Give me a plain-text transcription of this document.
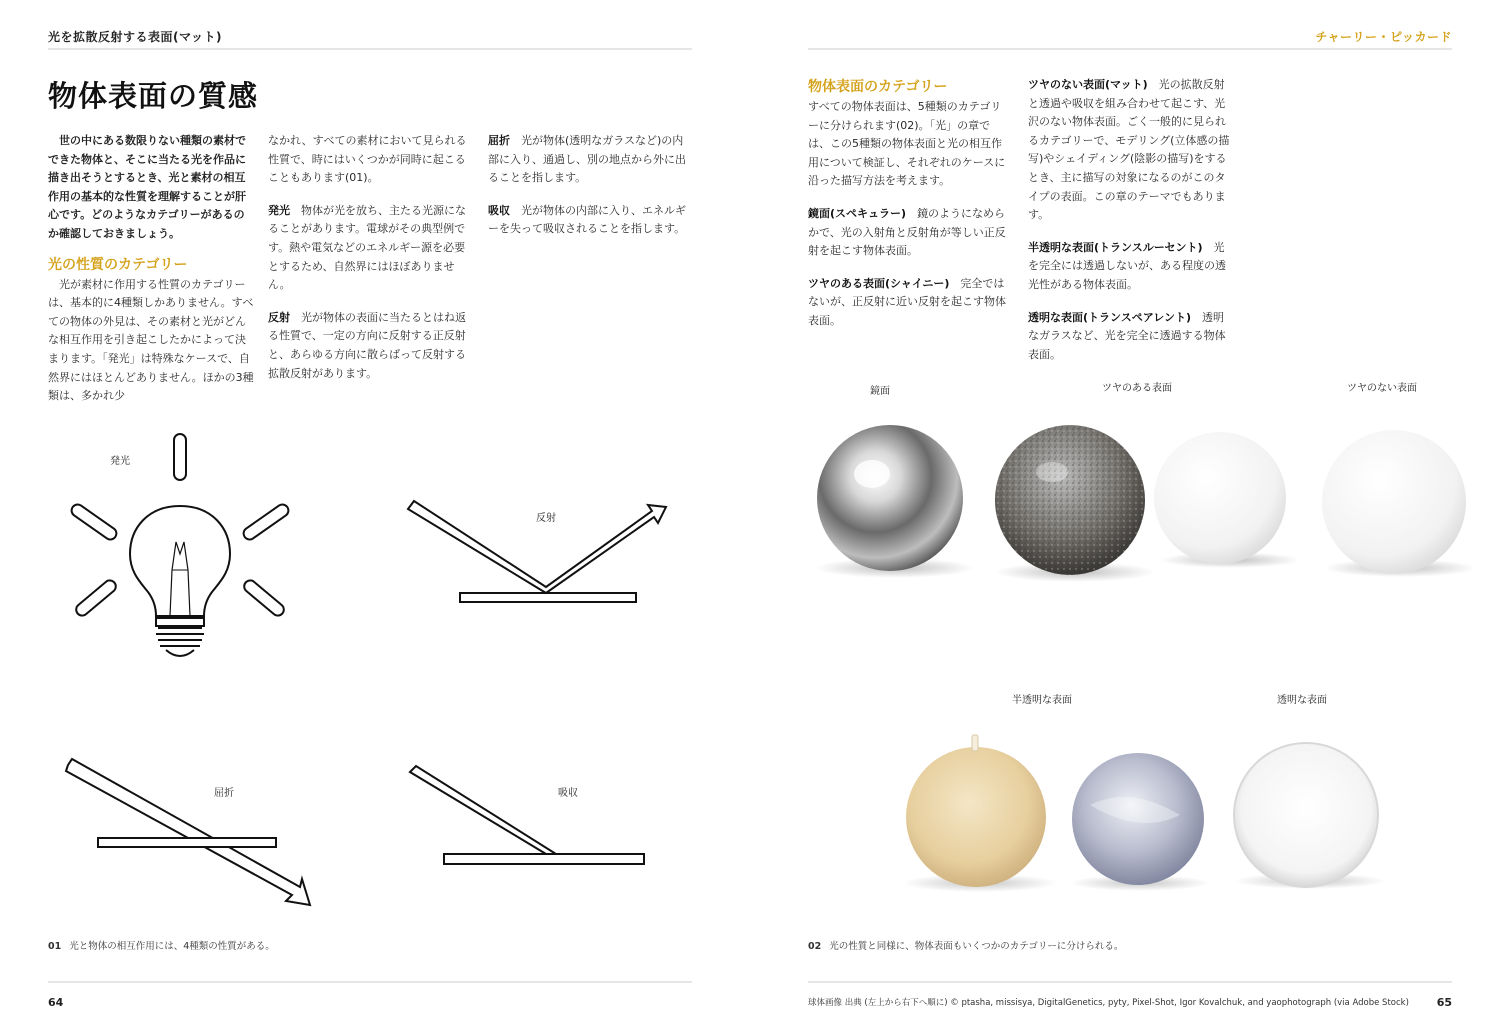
光を拡散反射する表面(マット)
物体表面の質感

世の中にある数限りない種類の素材でできた物体と、そこに当たる光を作品に描き出そうとするとき、光と素材の相互作用の基本的な性質を理解することが肝心です。どのようなカテゴリーがあるのか確認しておきましょう。

光の性質のカテゴリー

光が素材に作用する性質のカテゴリーは、基本的に4種類しかありません。すべての物体の外見は、その素材と光がどんな相互作用を引き起こしたかによって決まります。「発光」は特殊なケースで、自然界にはほとんどありません。ほかの3種類は、多かれ少

なかれ、すべての素材において見られる性質で、時にはいくつかが同時に起こることもあります(01)。

発光　 物体が光を放ち、主たる光源になることがあります。電球がその典型例です。熱や電気などのエネルギー源を必要とするため、自然界にはほぼありません。

反射　 光が物体の表面に当たるとはね返る性質で、一定の方向に反射する正反射と、あらゆる方向に散らばって反射する拡散反射があります。

屈折　 光が物体(透明なガラスなど)の内部に入り、通過し、別の地点から外に出ることを指します。

吸収　 光が物体の内部に入り、エネルギーを失って吸収されることを指します。

発光
反射
屈折	吸収
01 光と物体の相互作用には、4種類の性質がある。
64
チャーリー・ピッカード
物体表面のカテゴリー

すべての物体表面は、5種類のカテゴリーに分けられます(02)。「光」の章では、この5種類の物体表面と光の相互作用について検証し、それぞれのケースに沿った描写方法を考えます。

鏡面(スペキュラー)　 鏡のようになめらかで、光の入射角と反射角が等しい正反射を起こす物体表面。

ツヤのある表面(シャイニー)　 完全ではないが、正反射に近い反射を起こす物体表面。

ツヤのない表面(マット)　 光の拡散反射と透過や吸収を組み合わせて起こす、光沢のない物体表面。ごく一般的に見られるカテゴリーで、モデリング(立体感の描写)やシェイディング(陰影の描写)をするとき、主に描写の対象になるのがこのタイプの表面。この章のテーマでもあります。

半透明な表面(トランスルーセント)　 光を完全には透過しないが、ある程度の透光性がある物体表面。

透明な表面(トランスペアレント)　 透明なガラスなど、光を完全に透過する物体表面。

鏡面	ツヤのある表面	ツヤのない表面
半透明な表面	透明な表面
02 光の性質と同様に、物体表面もいくつかのカテゴリーに分けられる。
球体画像 出典 (左上から右下へ順に) © ptasha, missisya, DigitalGenetics, pyty, Pixel-Shot, Igor Kovalchuk, and yaophotograph (via Adobe Stock)	65
